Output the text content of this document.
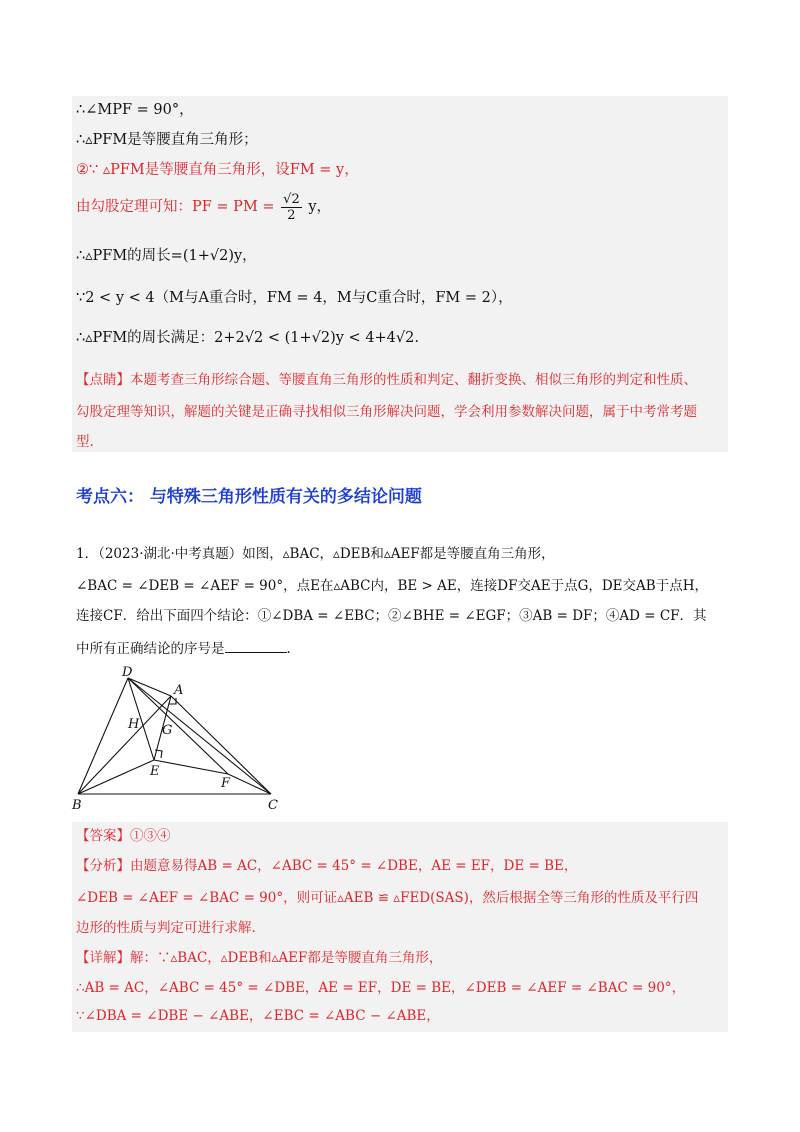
∴∠MPF = 90°，
∴▵PFM是等腰直角三角形；
②∵ ▵PFM是等腰直角三角形，设FM = y，
由勾股定理可知：PF = PM = $\frac{√2}{2}$ y，
∴▵PFM的周长=(1+√2)y，
∵2 < y < 4（M与A重合时，FM = 4，M与C重合时，FM = 2），
∴▵PFM的周长满足：2+2√2 < (1+√2)y < 4+4√2.
【点睛】本题考查三角形综合题、等腰直角三角形的性质和判定、翻折变换、相似三角形的判定和性质、
勾股定理等知识，解题的关键是正确寻找相似三角形解决问题，学会利用参数解决问题，属于中考常考题
型.
考点六： 与特殊三角形性质有关的多结论问题
1．（2023·湖北·中考真题）如图，▵BAC，▵DEB和▵AEF都是等腰直角三角形，
∠BAC = ∠DEB = ∠AEF = 90°，点E在▵ABC内，BE > AE，连接DF交AE于点G，DE交AB于点H，
连接CF．给出下面四个结论：①∠DBA = ∠EBC；②∠BHE = ∠EGF；③AB = DF；④AD = CF．其
中所有正确结论的序号是	.
D
A
H G
E
F
B	C
【答案】①③④
【分析】由题意易得AB = AC，∠ABC = 45° = ∠DBE，AE = EF，DE = BE，
∠DEB = ∠AEF = ∠BAC = 90°，则可证▵AEB ≌ ▵FED(SAS)，然后根据全等三角形的性质及平行四
边形的性质与判定可进行求解.
【详解】解：∵▵BAC，▵DEB和▵AEF都是等腰直角三角形，
∴AB = AC，∠ABC = 45° = ∠DBE，AE = EF，DE = BE，∠DEB = ∠AEF = ∠BAC = 90°，
∵∠DBA = ∠DBE − ∠ABE，∠EBC = ∠ABC − ∠ABE，
